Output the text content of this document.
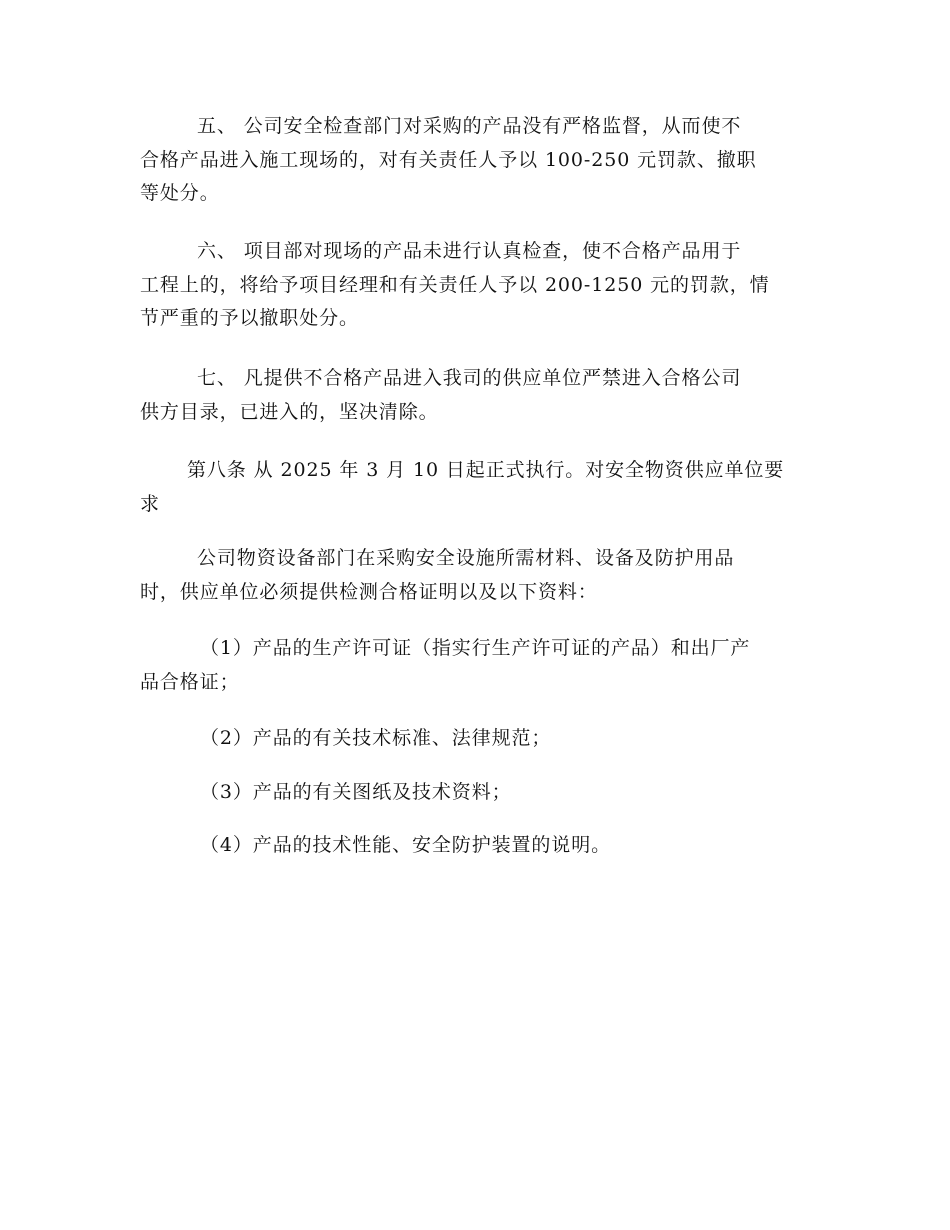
五、 公司安全检查部门对采购的产品没有严格监督，从而使不
合格产品进入施工现场的，对有关责任人予以 100-250 元罚款、撤职
等处分。
六、 项目部对现场的产品未进行认真检查，使不合格产品用于
工程上的，将给予项目经理和有关责任人予以 200-1250 元的罚款，情
节严重的予以撤职处分。
七、 凡提供不合格产品进入我司的供应单位严禁进入合格公司
供方目录，已进入的，坚决清除。
第八条 从 2025 年 3 月 10 日起正式执行。对安全物资供应单位要
求
公司物资设备部门在采购安全设施所需材料、设备及防护用品
时，供应单位必须提供检测合格证明以及以下资料：
（1）产品的生产许可证（指实行生产许可证的产品）和出厂产
品合格证；
（2）产品的有关技术标准、法律规范；
（3）产品的有关图纸及技术资料；
（4）产品的技术性能、安全防护装置的说明。
